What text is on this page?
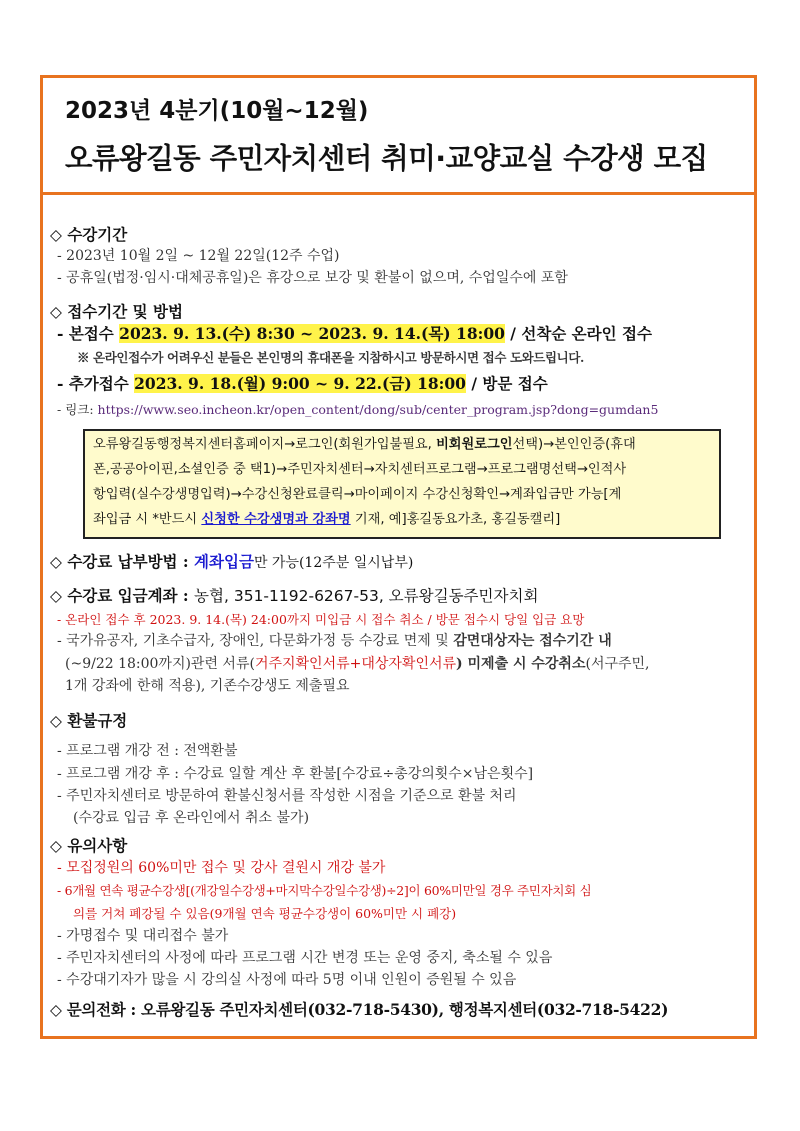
2023년 4분기(10월~12월)
오류왕길동 주민자치센터 취미·교양교실 수강생 모집
◇ 수강기간
- 2023년 10월 2일 ~ 12월 22일(12주 수업)
- 공휴일(법정·임시·대체공휴일)은 휴강으로 보강 및 환불이 없으며, 수업일수에 포함
◇ 접수기간 및 방법
- 본접수 2023. 9. 13.(수) 8:30 ~ 2023. 9. 14.(목) 18:00 / 선착순 온라인 접수
※ 온라인접수가 어려우신 분들은 본인명의 휴대폰을 지참하시고 방문하시면 접수 도와드립니다.
- 추가접수 2023. 9. 18.(월) 9:00 ~ 9. 22.(금) 18:00 / 방문 접수
- 링크: https://www.seo.incheon.kr/open_content/dong/sub/center_program.jsp?dong=gumdan5
오류왕길동행정복지센터홈페이지→로그인(회원가입불필요, 비회원로그인선택)→본인인증(휴대
폰,공공아이핀,소셜인증 중 택1)→주민자치센터→자치센터프로그램→프로그램명선택→인적사
항입력(실수강생명입력)→수강신청완료클릭→마이페이지 수강신청확인→계좌입금만 가능[계
좌입금 시 *반드시 신청한 수강생명과 강좌명 기재, 예]홍길동요가초, 홍길동캘리]
◇ 수강료 납부방법 : 계좌입금만 가능(12주분 일시납부)
◇ 수강료 입금계좌 : 농협, 351-1192-6267-53, 오류왕길동주민자치회
- 온라인 접수 후 2023. 9. 14.(목) 24:00까지 미입금 시 접수 취소 / 방문 접수시 당일 입금 요망
- 국가유공자, 기초수급자, 장애인, 다문화가정 등 수강료 면제 및 감면대상자는 접수기간 내
(~9/22 18:00까지)관련 서류(거주지확인서류+대상자확인서류) 미제출 시 수강취소(서구주민,
1개 강좌에 한해 적용), 기존수강생도 제출필요
◇ 환불규정
- 프로그램 개강 전 : 전액환불
- 프로그램 개강 후 : 수강료 일할 계산 후 환불[수강료÷총강의횟수×남은횟수]
- 주민자치센터로 방문하여 환불신청서를 작성한 시점을 기준으로 환불 처리
(수강료 입금 후 온라인에서 취소 불가)
◇ 유의사항
- 모집정원의 60%미만 접수 및 강사 결원시 개강 불가
- 6개월 연속 평균수강생[(개강일수강생+마지막수강일수강생)÷2]이 60%미만일 경우 주민자치회 심
의를 거쳐 폐강될 수 있음(9개월 연속 평균수강생이 60%미만 시 폐강)
- 가명접수 및 대리접수 불가
- 주민자치센터의 사정에 따라 프로그램 시간 변경 또는 운영 중지, 축소될 수 있음
- 수강대기자가 많을 시 강의실 사정에 따라 5명 이내 인원이 증원될 수 있음
◇ 문의전화 : 오류왕길동 주민자치센터(032-718-5430), 행정복지센터(032-718-5422)
